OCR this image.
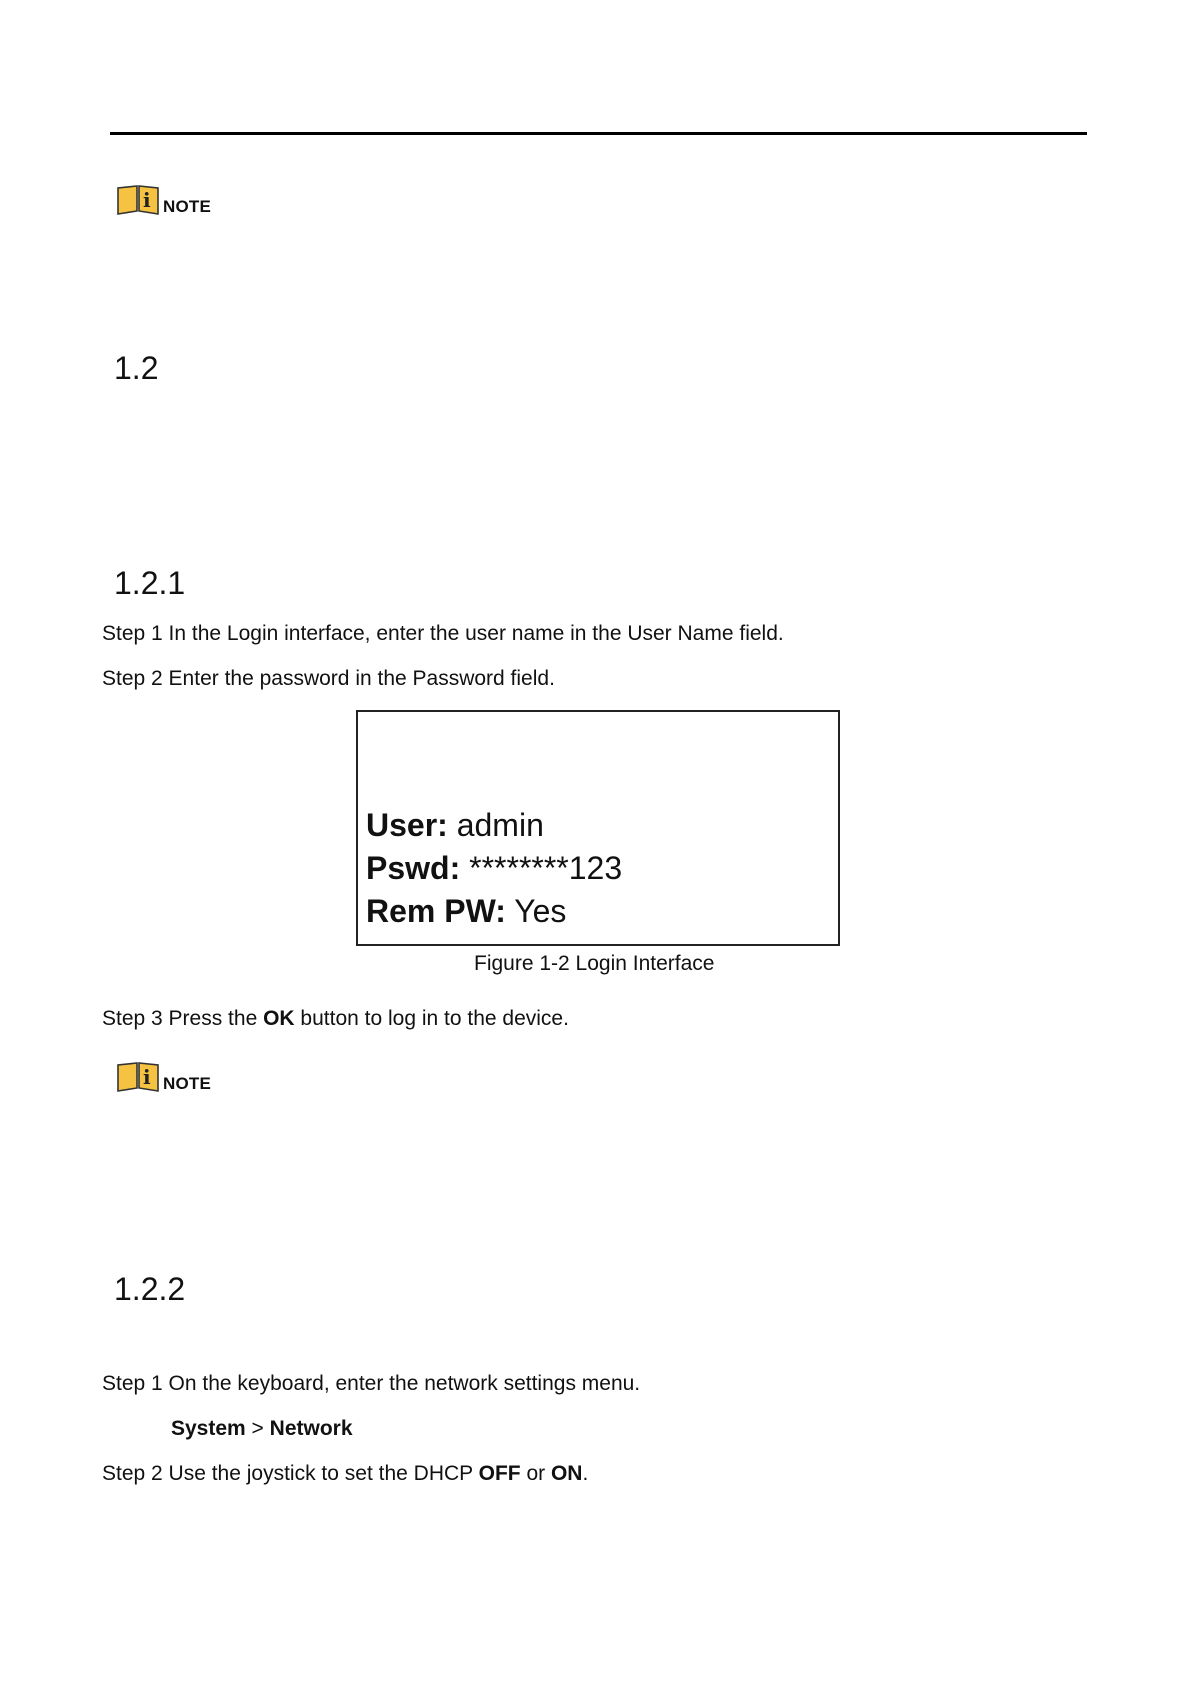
i NOTE
1.2
1.2.1
Step 1 In the Login interface, enter the user name in the User Name field.
Step 2 Enter the password in the Password field.
User: admin
Pswd: ********123
Rem PW: Yes
Figure 1-2 Login Interface
Step 3 Press the OK button to log in to the device.
i NOTE
1.2.2
Step 1 On the keyboard, enter the network settings menu.
System > Network
Step 2 Use the joystick to set the DHCP OFF or ON.
